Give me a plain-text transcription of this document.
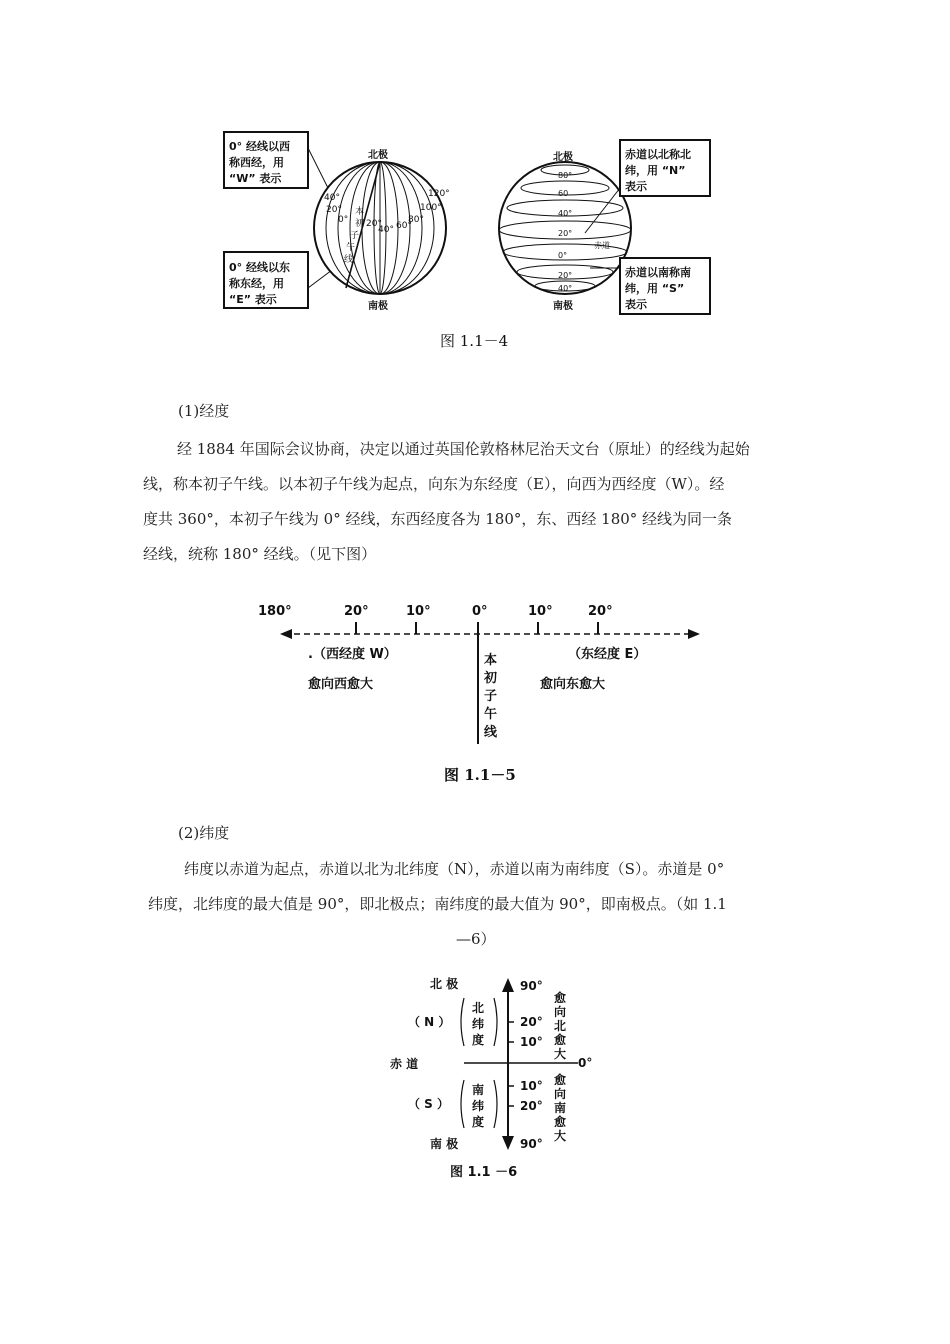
0° 经线以西
称西经，用
“W” 表示
0° 经线以东
称东经，用
“E” 表示
北极
南极
本
初
子
午
线
40°
20°
0° 20°
40° 60°
80°
100°
120°
北极
南极
80°
60
40°
20°
0°
20°
40°
赤道
赤道以北称北
纬，用 “N”
表示
赤道以南称南
纬，用 “S”
表示
图 1.1－4
(1)经度
经 1884 年国际会议协商，决定以通过英国伦敦格林尼治天文台（原址）的经线为起始
线，称本初子午线。以本初子午线为起点，向东为东经度（E），向西为西经度（W）。经
度共 360°，本初子午线为 0° 经线，东西经度各为 180°，东、西经 180° 经线为同一条
经线，统称 180° 经线。（见下图）
180°	20°	10°	0°	10°	20°
.（西经度 W）	（东经度 E）
愈向西愈大	愈向东愈大
本
初
子
午
线
图 1.1－5
(2)纬度
纬度以赤道为起点，赤道以北为北纬度（N），赤道以南为南纬度（S）。赤道是 0°
纬度，北纬度的最大值是 90°，即北极点；南纬度的最大值为 90°，即南极点。（如 1.1
—6）
北 极
南 极
赤 道
（ N ）
（ S ）
北
纬
度
南
纬
度
90°
20°
10°
0°
10°
20°
90°
愈
向
北
愈
大
愈
向
南
愈
大
图 1.1 －6
